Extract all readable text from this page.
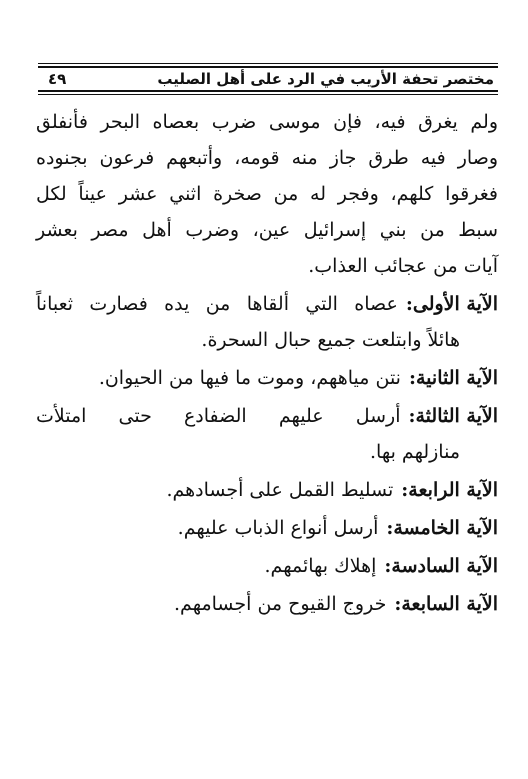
مختصر تحفة الأريب في الرد على أهل الصليب
٤٩
ولم يغرق فيه، فإن موسى ضرب بعصاه البحر فأنفلق
وصار فيه طرق جاز منه قومه، وأتبعهم فرعون بجنوده
فغرقوا كلهم، وفجر له من صخرة اثني عشر عيناً لكل
سبط من بني إسرائيل عين، وضرب أهل مصر بعشر
آيات من عجائب العذاب.
الآية الأولى:
عصاه التي ألقاها من يده فصارت ثعباناً
هائلاً وابتلعت جميع حبال السحرة.
الآية الثانية:
نتن مياههم، وموت ما فيها من الحيوان.
الآية الثالثة:
أرسل عليهم الضفادع حتى امتلأت
منازلهم بها.
الآية الرابعة:
تسليط القمل على أجسادهم.
الآية الخامسة:
أرسل أنواع الذباب عليهم.
الآية السادسة:
إهلاك بهائمهم.
الآية السابعة:
خروج القيوح من أجسامهم.
